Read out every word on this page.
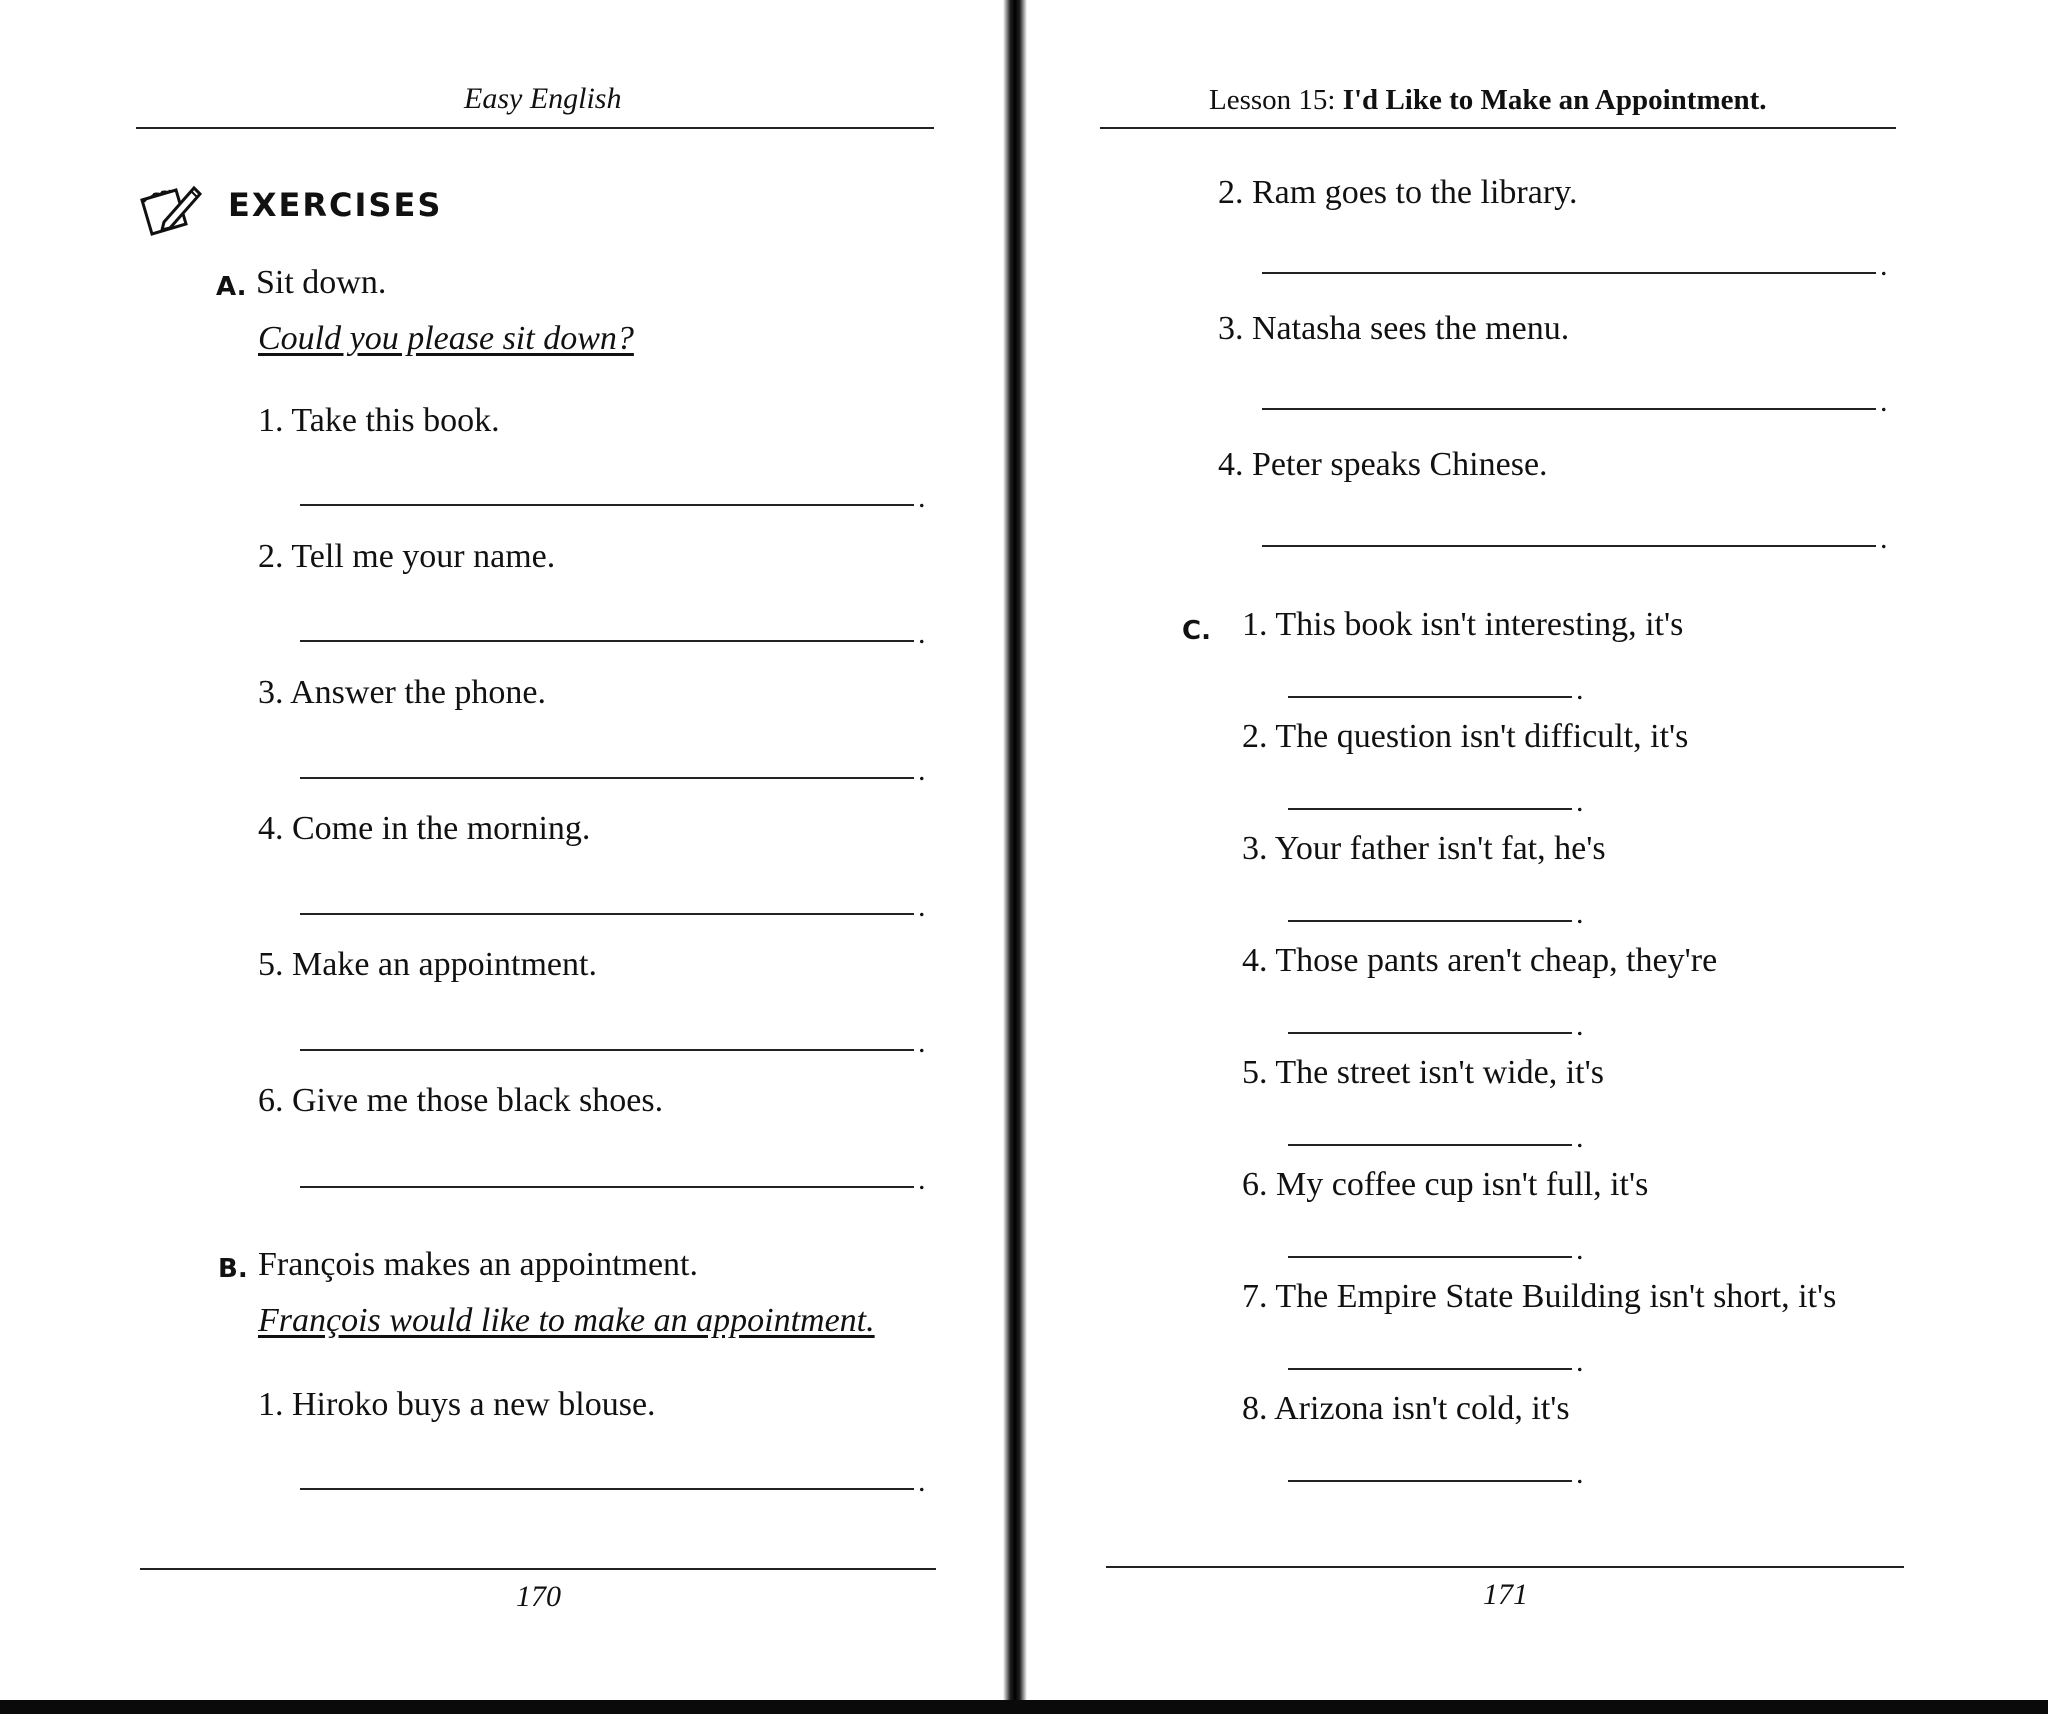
Easy English
EXERCISES
A. Sit down.
Could you please sit down?
1. Take this book.
.
2. Tell me your name.
.
3. Answer the phone.
.
4. Come in the morning.
.
5. Make an appointment.
.
6. Give me those black shoes.
.
B. François makes an appointment.
François would like to make an appointment.
1. Hiroko buys a new blouse.
.
170
Lesson 15: I'd Like to Make an Appointment.
2. Ram goes to the library.
.
3. Natasha sees the menu.
.
4. Peter speaks Chinese.
.
C. 1. This book isn't interesting, it's
.
2. The question isn't difficult, it's
.
3. Your father isn't fat, he's
.
4. Those pants aren't cheap, they're
.
5. The street isn't wide, it's
.
6. My coffee cup isn't full, it's
.
7. The Empire State Building isn't short, it's
.
8. Arizona isn't cold, it's
.
171
